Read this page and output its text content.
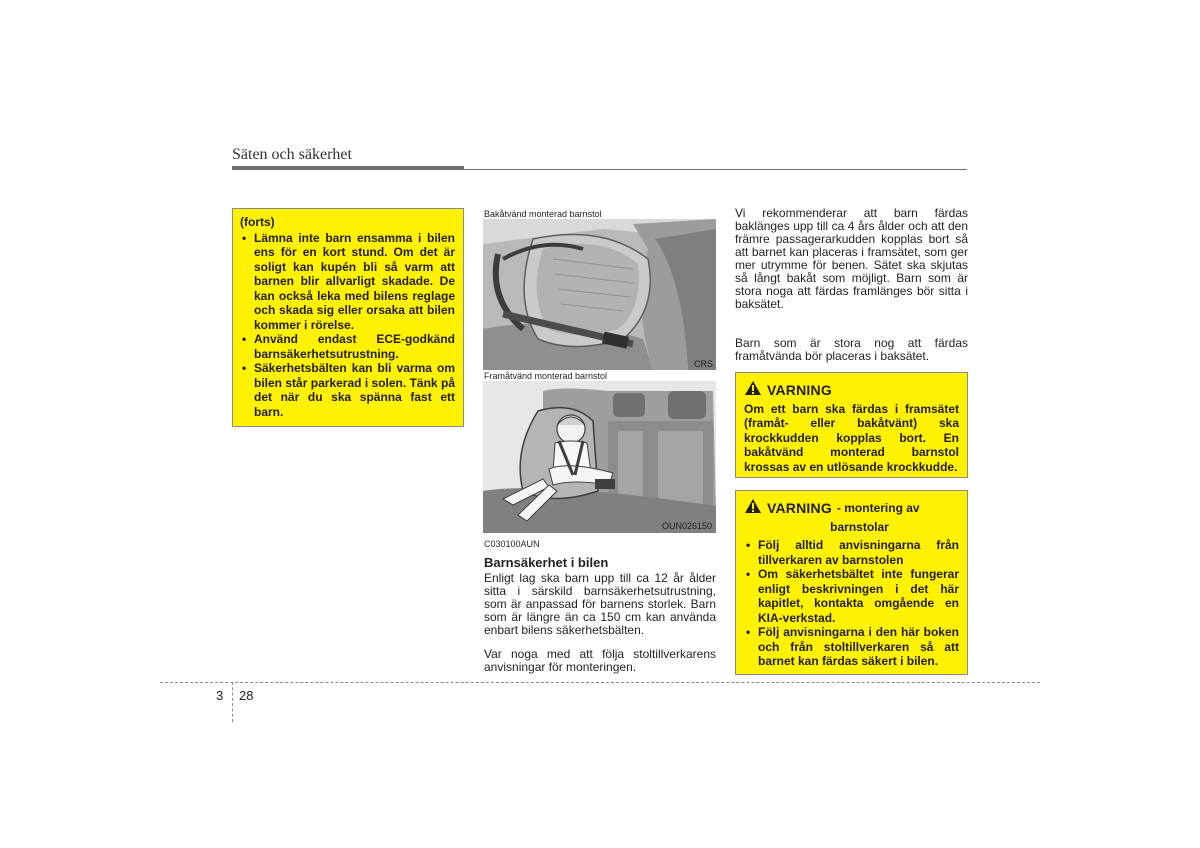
Säten och säkerhet
(forts)
• Lämna inte barn ensamma i bilen ens för en kort stund. Om det är soligt kan kupén bli så varm att barnen blir allvarligt skadade. De kan också leka med bilens reglage och skada sig eller orsaka att bilen kommer i rörelse.
• Använd endast ECE-godkänd barnsäkerhetsutrustning.
• Säkerhetsbälten kan bli varma om bilen står parkerad i solen. Tänk på det när du ska spänna fast ett barn.
Bakåtvänd monterad barnstol
CRS
Framåtvänd monterad barnstol
OUN026150
C030100AUN
Barnsäkerhet i bilen
Enligt lag ska barn upp till ca 12 år ålder sitta i särskild barnsäkerhetsutrustning, som är anpassad för barnens storlek. Barn som är längre än ca 150 cm kan använda enbart bilens säkerhetsbälten.
Var noga med att följa stoltillverkarens anvisningar för monteringen.
Vi rekommenderar att barn färdas baklänges upp till ca 4 års ålder och att den främre passagerarkudden kopplas bort så att barnet kan placeras i framsätet, som ger mer utrymme för benen. Sätet ska skjutas så långt bakåt som möjligt. Barn som är stora noga att färdas framlänges bör sitta i baksätet.
Barn som är stora nog att färdas framåtvända bör placeras i baksätet.
VARNING
Om ett barn ska färdas i framsätet (framåt- eller bakåtvänt) ska krockkudden kopplas bort. En bakåtvänd monterad barnstol krossas av en utlösande krockkudde.
VARNING - montering av
barnstolar
• Följ alltid anvisningarna från tillverkaren av barnstolen
• Om säkerhetsbältet inte fungerar enligt beskrivningen i det här kapitlet, kontakta omgående en KIA-verkstad.
• Följ anvisningarna i den här boken och från stoltillverkaren så att barnet kan färdas säkert i bilen.
3 28
